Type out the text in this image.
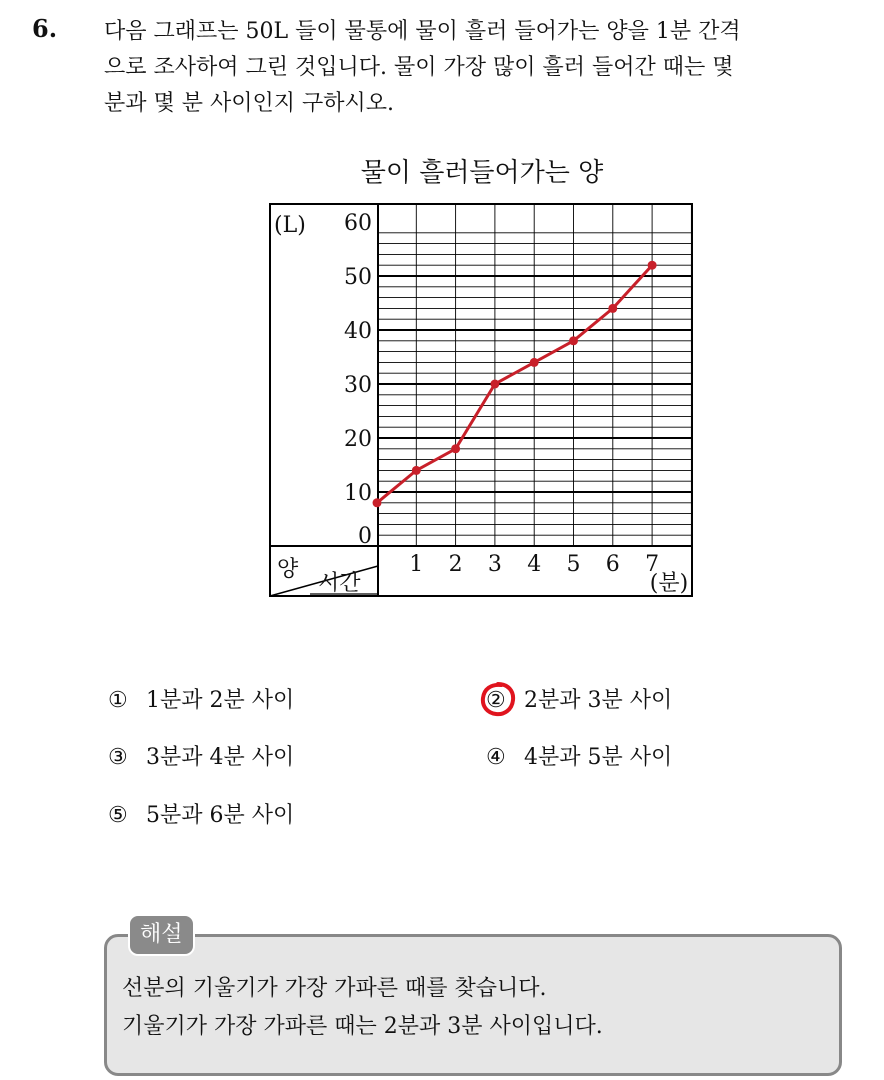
6. 다음 그래프는 50L 들이 물통에 물이 흘러 들어가는 양을 1분 간격
으로 조사하여 그린 것입니다. 물이 가장 많이 흘러 들어간 때는 몇
분과 몇 분 사이인지 구하시오.
물이 흘러들어가는 양
0
10
20
30
40
50
60
1 2 3 4 5 6 7
(L)
(분)
양
시간
① 1분과 2분 사이	② 2분과 3분 사이
③ 3분과 4분 사이	④ 4분과 5분 사이
⑤ 5분과 6분 사이
해설
선분의 기울기가 가장 가파른 때를 찾습니다.
기울기가 가장 가파른 때는 2분과 3분 사이입니다.
